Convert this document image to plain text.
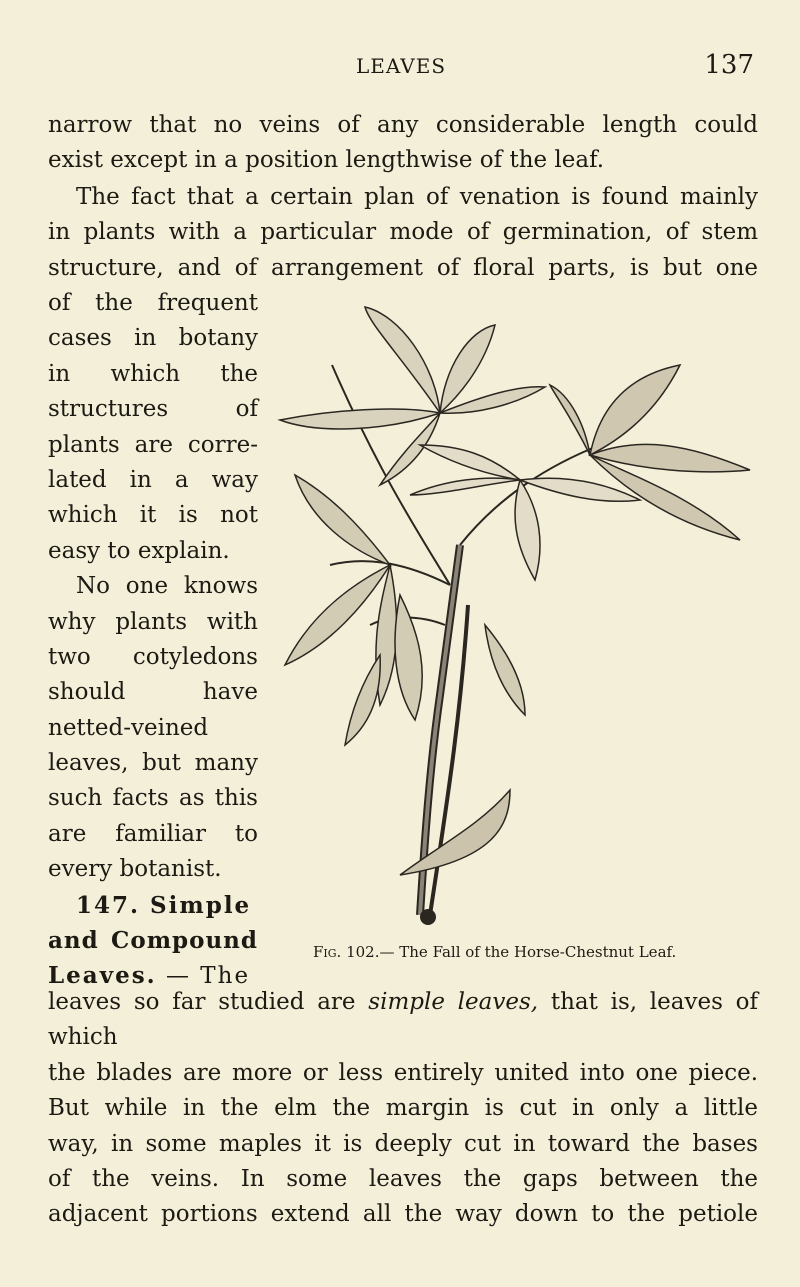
LEAVES	137
narrow that no veins of any considerable length could
exist except in a position lengthwise of the leaf.
The fact that a certain plan of venation is found mainly
in plants with a particular mode of germination, of stem
structure, and of arrangement of floral parts, is but one
of the frequent
cases in botany
in which the
structures of
plants are corre-
lated in a way
which it is not
easy to explain.
No one knows
why plants with
two cotyledons
should have
netted-veined
leaves, but many
such facts as this
are familiar to
every botanist.
147. Simple
and Compound
Leaves. — The
leaves so far studied are simple leaves, that is, leaves of which
the blades are more or less entirely united into one piece.
But while in the elm the margin is cut in only a little
way, in some maples it is deeply cut in toward the bases
of the veins. In some leaves the gaps between the
adjacent portions extend all the way down to the petiole
Fig. 102.— The Fall of the Horse-Chestnut Leaf.
